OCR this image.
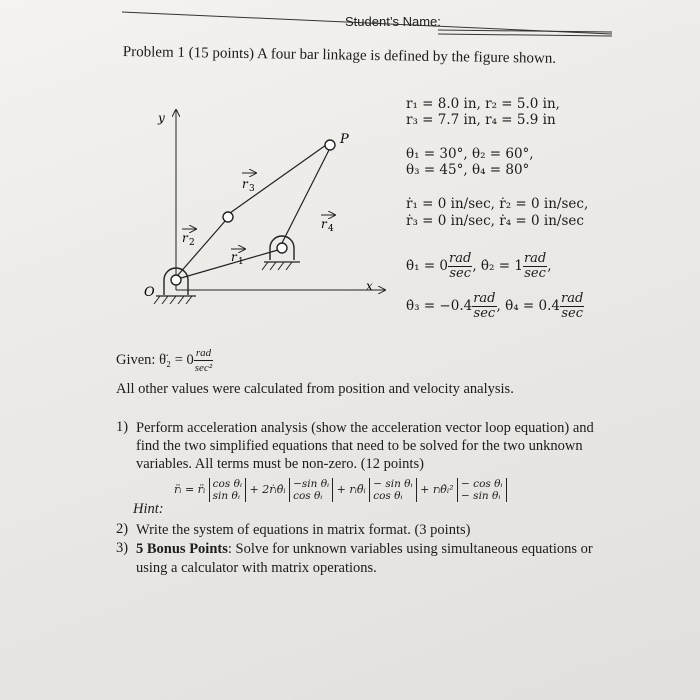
Student’s Name:
Problem 1 (15 points) A four bar linkage is defined by the figure shown.
y
x
O
P
r 3
r 4
r 2
r 1
r₁ = 8.0 in, r₂ = 5.0 in,
r₃ = 7.7 in, r₄ = 5.9 in
θ₁ = 30°, θ₂ = 60°,
θ₃ = 45°, θ₄ = 80°
ṙ₁ = 0 in/sec, ṙ₂ = 0 in/sec,
ṙ₃ = 0 in/sec, ṙ₄ = 0 in/sec
θ̇₁ = $0 \frac{\text{rad}}{\sec}$ , θ̇₂ = $1 \frac{\text{rad}}{\sec}$ ,
θ̇₃ = $-0.4 \frac{\text{rad}}{\sec}$ , θ̇₄ = $0.4 \frac{\text{rad}}{\sec}$
Given: θ̈₂ = $0 \frac{\text{rad}}{\text{sec²}}$
All other values were calculated from position and velocity analysis.
1) Perform acceleration analysis (show the acceleration vector loop equation) and
find the two simplified equations that need to be solved for the two unknown
variables. All terms must be non-zero. (12 points)
r̈ᵢ = r̈ᵢ cos θᵢ
sin θᵢ + 2ṙᵢθ̇ᵢ −sin θᵢ
cos θᵢ	+ rᵢθ̈ᵢ − sin θᵢ
cos θᵢ	+ rᵢθ̇ᵢ² − cos θᵢ
− sin θᵢ
Hint:
2) Write the system of equations in matrix format. (3 points)
3) 5 Bonus Points: Solve for unknown variables using simultaneous equations or
using a calculator with matrix operations.
